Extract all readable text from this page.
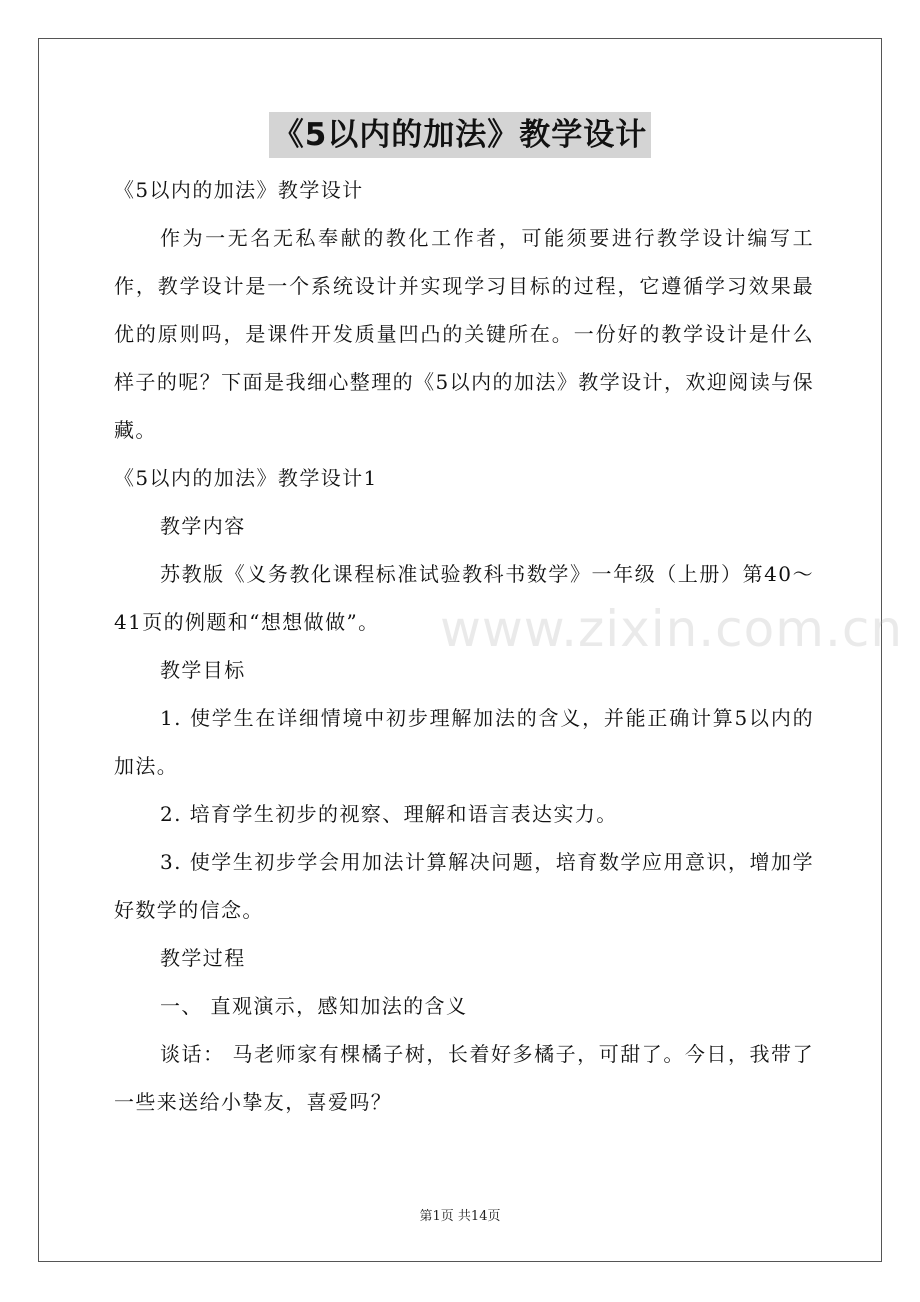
www.zixin.com.cn
《5以内的加法》教学设计

《5以内的加法》教学设计

作为一无名无私奉献的教化工作者，可能须要进行教学设计编写工作，教学设计是一个系统设计并实现学习目标的过程，它遵循学习效果最优的原则吗，是课件开发质量凹凸的关键所在。一份好的教学设计是什么样子的呢？下面是我细心整理的《5以内的加法》教学设计，欢迎阅读与保藏。

《5以内的加法》教学设计1

教学内容

苏教版《义务教化课程标准试验教科书数学》一年级（上册）第40～41页的例题和“想想做做”。

教学目标

1. 使学生在详细情境中初步理解加法的含义，并能正确计算5以内的加法。

2. 培育学生初步的视察、理解和语言表达实力。

3. 使学生初步学会用加法计算解决问题，培育数学应用意识，增加学好数学的信念。

教学过程

一、 直观演示，感知加法的含义

谈话： 马老师家有棵橘子树，长着好多橘子，可甜了。今日，我带了一些来送给小挚友，喜爱吗？

第1页 共14页
